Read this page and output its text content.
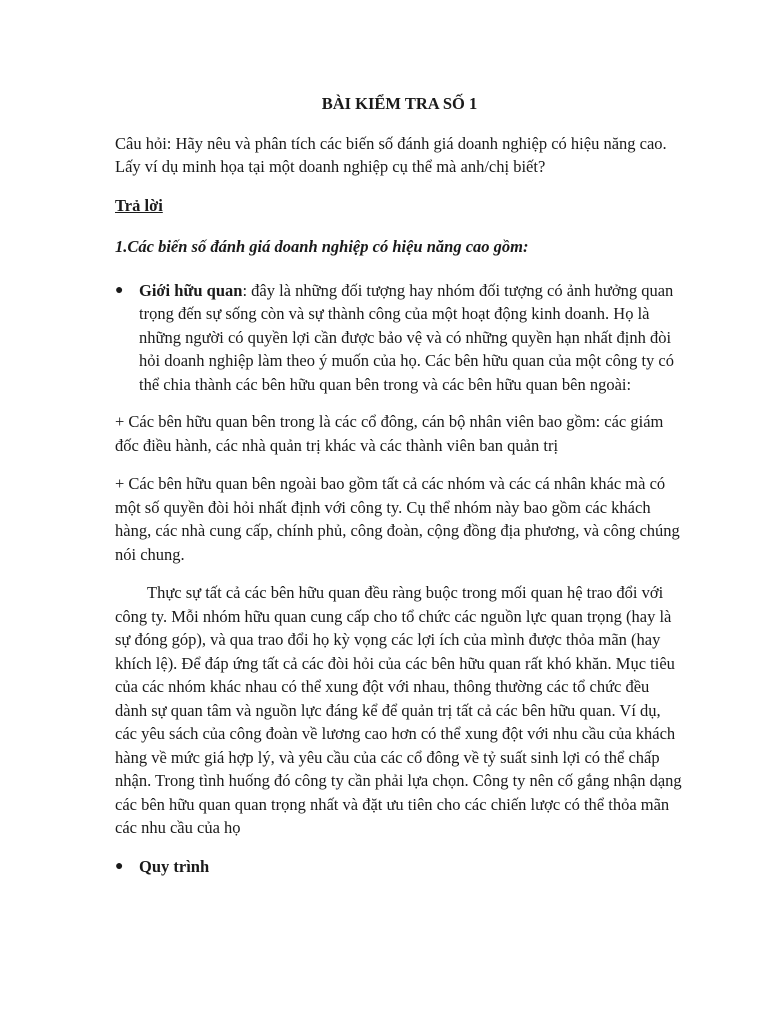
BÀI KIỂM TRA SỐ 1

Câu hỏi: Hãy nêu và phân tích các biến số đánh giá doanh nghiệp có hiệu năng cao. Lấy ví dụ minh họa tại một doanh nghiệp cụ thể mà anh/chị biết?

Trả lời

1.Các biến số đánh giá doanh nghiệp có hiệu năng cao gồm:

● Giới hữu quan: đây là những đối tượng hay nhóm đối tượng có ảnh hưởng quan trọng đến sự sống còn và sự thành công của một hoạt động kinh doanh. Họ là những người có quyền lợi cần được bảo vệ và có những quyền hạn nhất định đòi hỏi doanh nghiệp làm theo ý muốn của họ. Các bên hữu quan của một công ty có thể chia thành các bên hữu quan bên trong và các bên hữu quan bên ngoài:

+ Các bên hữu quan bên trong là các cổ đông, cán bộ nhân viên bao gồm: các giám đốc điều hành, các nhà quản trị khác và các thành viên ban quản trị

+ Các bên hữu quan bên ngoài bao gồm tất cả các nhóm và các cá nhân khác mà có một số quyền đòi hỏi nhất định với công ty. Cụ thể nhóm này bao gồm các khách hàng, các nhà cung cấp, chính phủ, công đoàn, cộng đồng địa phương, và công chúng nói chung.

Thực sự tất cả các bên hữu quan đều ràng buộc trong mối quan hệ trao đổi với công ty. Mỗi nhóm hữu quan cung cấp cho tổ chức các nguồn lực quan trọng (hay là sự đóng góp), và qua trao đổi họ kỳ vọng các lợi ích của mình được thỏa mãn (hay khích lệ). Để đáp ứng tất cả các đòi hỏi của các bên hữu quan rất khó khăn. Mục tiêu của các nhóm khác nhau có thể xung đột với nhau, thông thường các tổ chức đều dành sự quan tâm và nguồn lực đáng kể để quản trị tất cả các bên hữu quan. Ví dụ, các yêu sách của công đoàn về lương cao hơn có thể xung đột với nhu cầu của khách hàng về mức giá hợp lý, và yêu cầu của các cổ đông về tỷ suất sinh lợi có thể chấp nhận. Trong tình huống đó công ty cần phải lựa chọn. Công ty nên cố gắng nhận dạng các bên hữu quan quan trọng nhất và đặt ưu tiên cho các chiến lược có thể thỏa mãn các nhu cầu của họ

● Quy trình
